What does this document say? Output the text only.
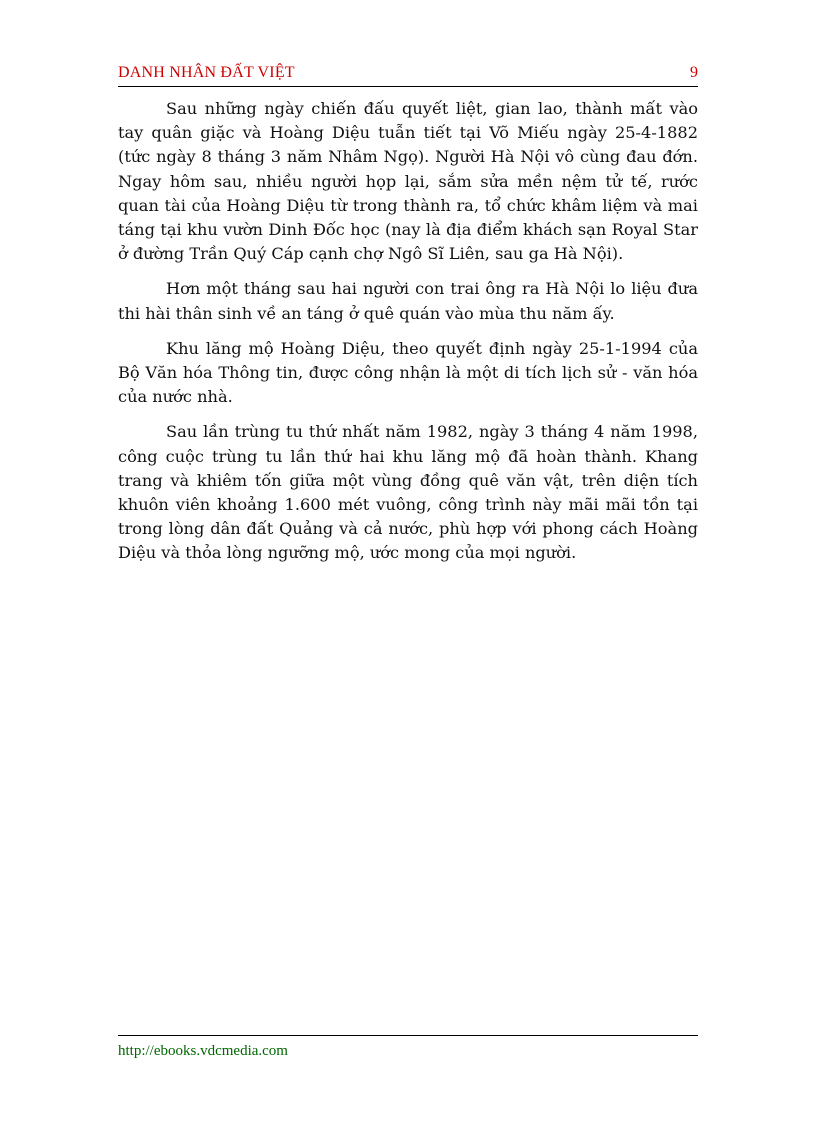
DANH NHÂN ĐẤT VIỆT	9

Sau những ngày chiến đấu quyết liệt, gian lao, thành mất vào tay quân giặc và Hoàng Diệu tuẫn tiết tại Võ Miếu ngày 25-4-1882 (tức ngày 8 tháng 3 năm Nhâm Ngọ). Người Hà Nội vô cùng đau đớn. Ngay hôm sau, nhiều người họp lại, sắm sửa mền nệm tử tế, rước quan tài của Hoàng Diệu từ trong thành ra, tổ chức khâm liệm và mai táng tại khu vườn Dinh Đốc học (nay là địa điểm khách sạn Royal Star ở đường Trần Quý Cáp cạnh chợ Ngô Sĩ Liên, sau ga Hà Nội).

Hơn một tháng sau hai người con trai ông ra Hà Nội lo liệu đưa thi hài thân sinh về an táng ở quê quán vào mùa thu năm ấy.

Khu lăng mộ Hoàng Diệu, theo quyết định ngày 25-1-1994 của Bộ Văn hóa Thông tin, được công nhận là một di tích lịch sử - văn hóa của nước nhà.

Sau lần trùng tu thứ nhất năm 1982, ngày 3 tháng 4 năm 1998, công cuộc trùng tu lần thứ hai khu lăng mộ đã hoàn thành. Khang trang và khiêm tốn giữa một vùng đồng quê văn vật, trên diện tích khuôn viên khoảng 1.600 mét vuông, công trình này mãi mãi tồn tại trong lòng dân đất Quảng và cả nước, phù hợp với phong cách Hoàng Diệu và thỏa lòng ngưỡng mộ, ước mong của mọi người.

http://ebooks.vdcmedia.com
